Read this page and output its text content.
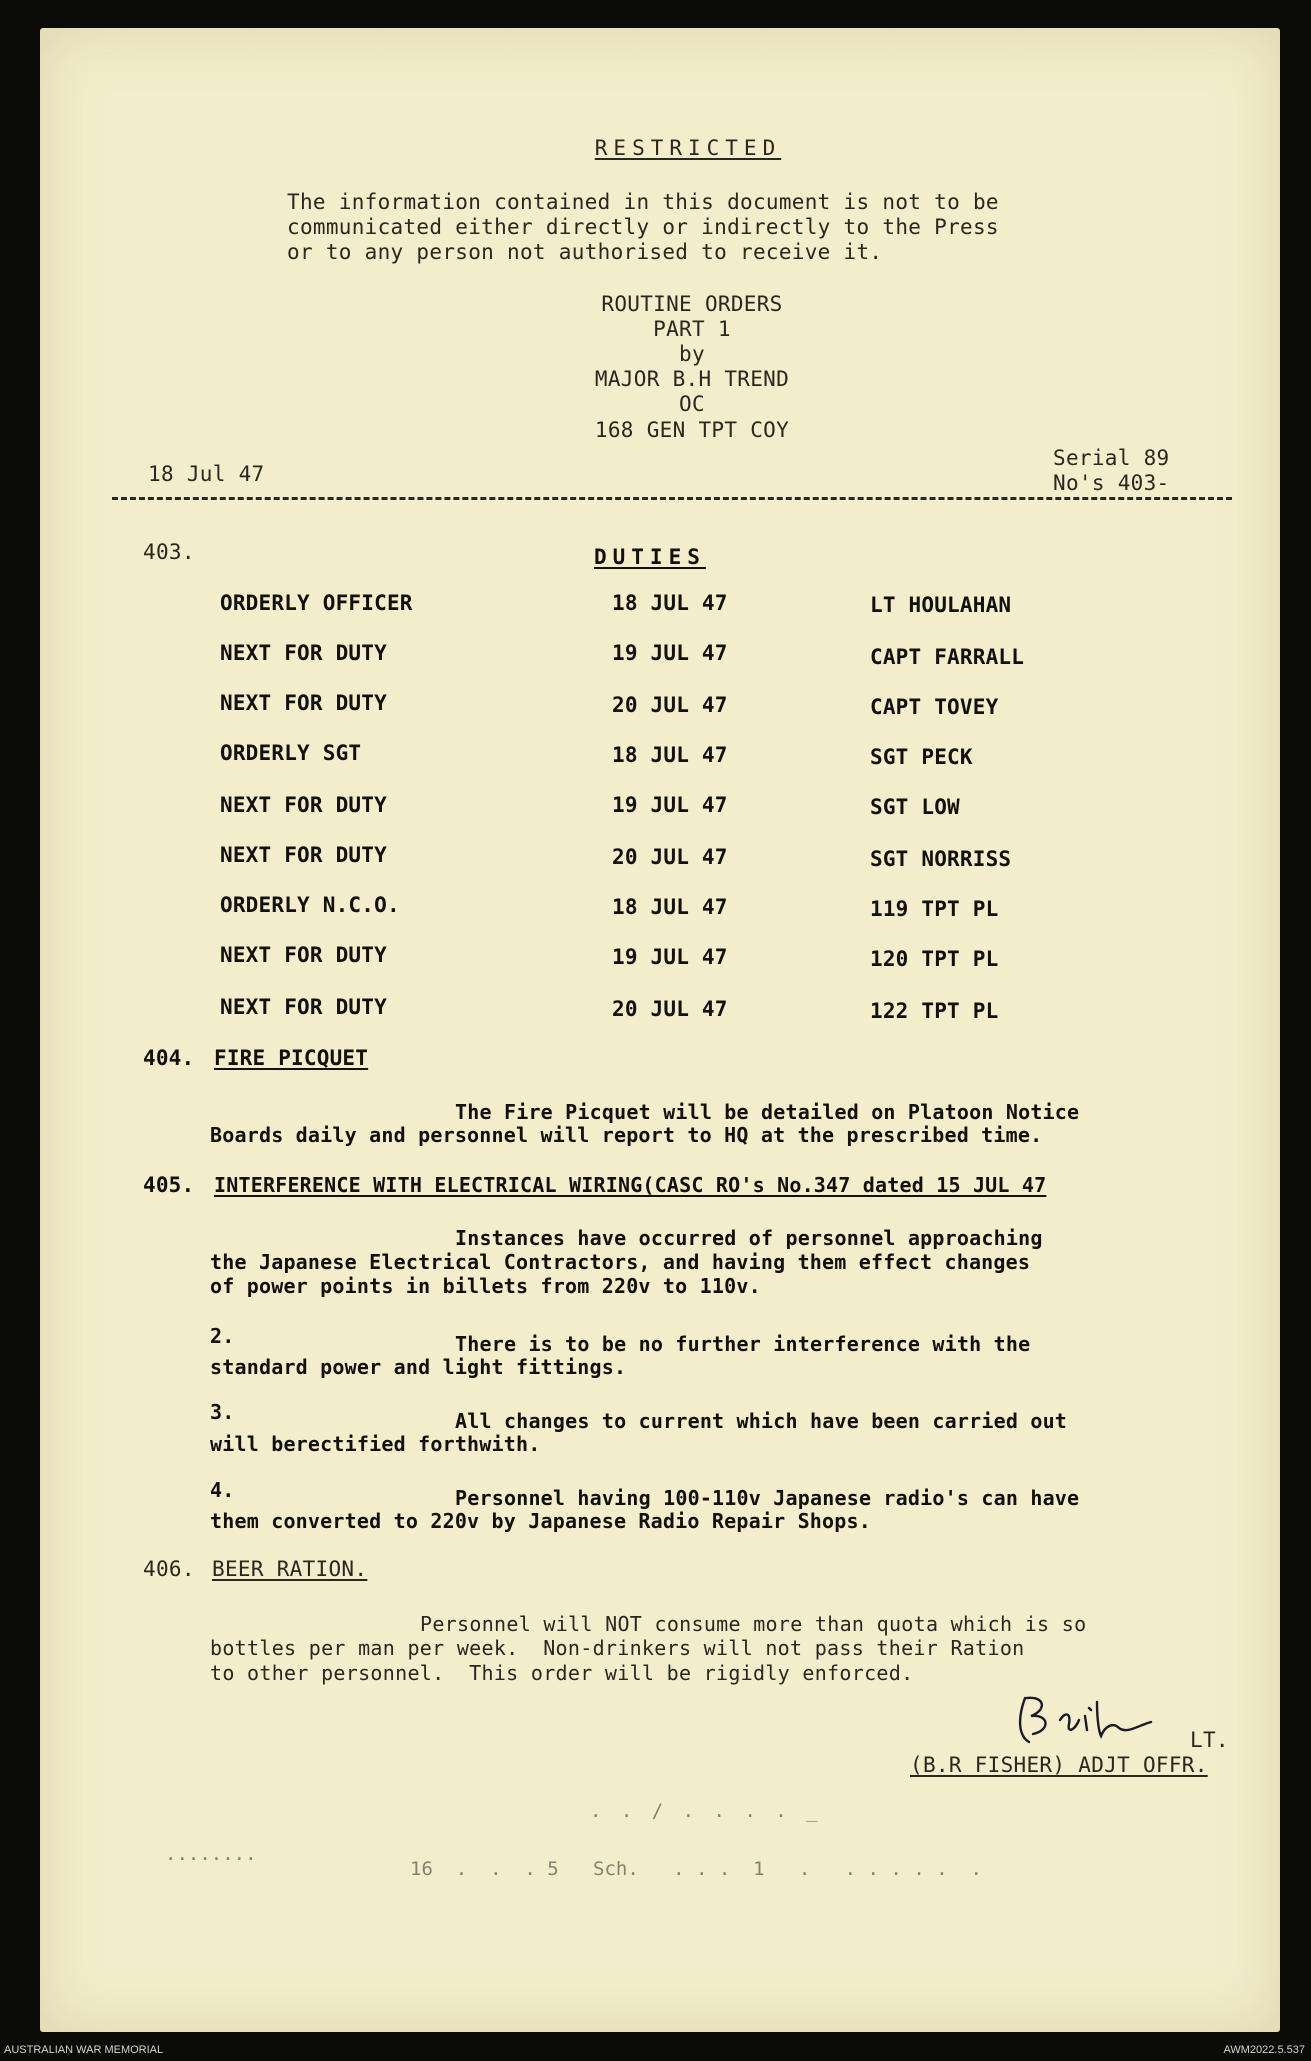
RESTRICTED
The information contained in this document is not to be
communicated either directly or indirectly to the Press
or to any person not authorised to receive it.
ROUTINE ORDERS
PART 1
by
MAJOR B.H TREND
OC
168 GEN TPT COY
18 Jul 47
Serial 89
No's 403-
403.	DUTIES
ORDERLY OFFICER	18 JUL 47	LT HOULAHAN
NEXT FOR DUTY	19 JUL 47	CAPT FARRALL
NEXT FOR DUTY	20 JUL 47	CAPT TOVEY
ORDERLY SGT	18 JUL 47	SGT PECK
NEXT FOR DUTY	19 JUL 47	SGT LOW
NEXT FOR DUTY	20 JUL 47	SGT NORRISS
ORDERLY N.C.O.	18 JUL 47	119 TPT PL
NEXT FOR DUTY	19 JUL 47	120 TPT PL
NEXT FOR DUTY	20 JUL 47	122 TPT PL
404. FIRE PICQUET
The Fire Picquet will be detailed on Platoon Notice
Boards daily and personnel will report to HQ at the prescribed time.
405. INTERFERENCE WITH ELECTRICAL WIRING(CASC RO's No.347 dated 15 JUL 47
Instances have occurred of personnel approaching
the Japanese Electrical Contractors, and having them effect changes
of power points in billets from 220v to 110v.
2.	There is to be no further interference with the
standard power and light fittings.
3.	All changes to current which have been carried out
will berectified forthwith.
4.	Personnel having 100-110v Japanese radio's can have
them converted to 220v by Japanese Radio Repair Shops.
406. BEER RATION.
Personnel will NOT consume more than quota which is so
bottles per man per week.  Non-drinkers will not pass their Ration
to other personnel.  This order will be rigidly enforced.
LT.
(B.R FISHER) ADJT OFFR.
. . / . . . . _
........
16  .  .  . 5   Sch.   . . .  1   .   . . . . .  .
AUSTRALIAN WAR MEMORIAL	AWM2022.5.537
